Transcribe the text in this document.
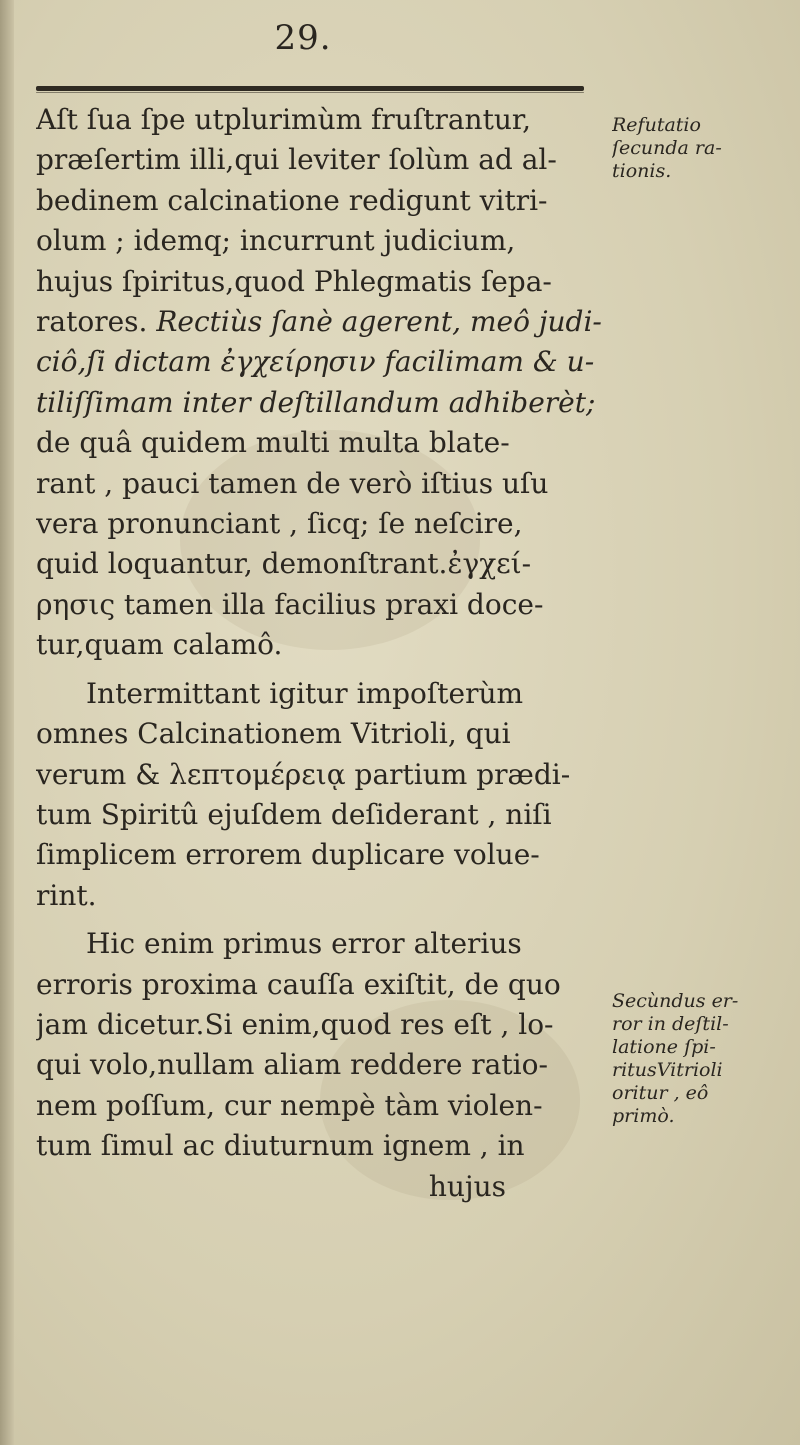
29.
Aſt ſua ſpe utplurimùm fruſtrantur,
præſertim illi,qui leviter ſolùm ad al-
bedinem calcinatione redigunt vitri-
olum ; idemq; incurrunt judicium,
hujus ſpiritus,quod Phlegmatis ſepa-
ratores. Rectiùs ſanè agerent, meô judi-
ciô,ſi dictam ἐγχείρησιν facilimam & u-
tiliſſimam inter deſtillandum adhiberèt;
de quâ quidem multi multa blate-
rant , pauci tamen de verò iſtius uſu
vera pronunciant , ſicq; ſe neſcire,
quid loquantur, demonſtrant.ἐγχεί-
ρησις tamen illa facilius praxi doce-
tur,quam calamô.
Intermittant igitur impoſterùm
omnes Calcinationem Vitrioli, qui
verum & λεπτομέρειᾳ partium prædi-
tum Spiritû ejuſdem deſiderant , niſi
ſimplicem errorem duplicare volue-
rint.
Hic enim primus error alterius
erroris proxima cauſſa exiſtit, de quo
jam dicetur.Si enim,quod res eſt , lo-
qui volo,nullam aliam reddere ratio-
nem poſſum, cur nempè tàm violen-
tum ſimul ac diuturnum ignem , in
hujus
Refutatio
ſecunda ra-
tionis.
Secùndus er-
ror in deſtil-
latione ſpi-
ritusVitrioli
oritur , eô
primò.
